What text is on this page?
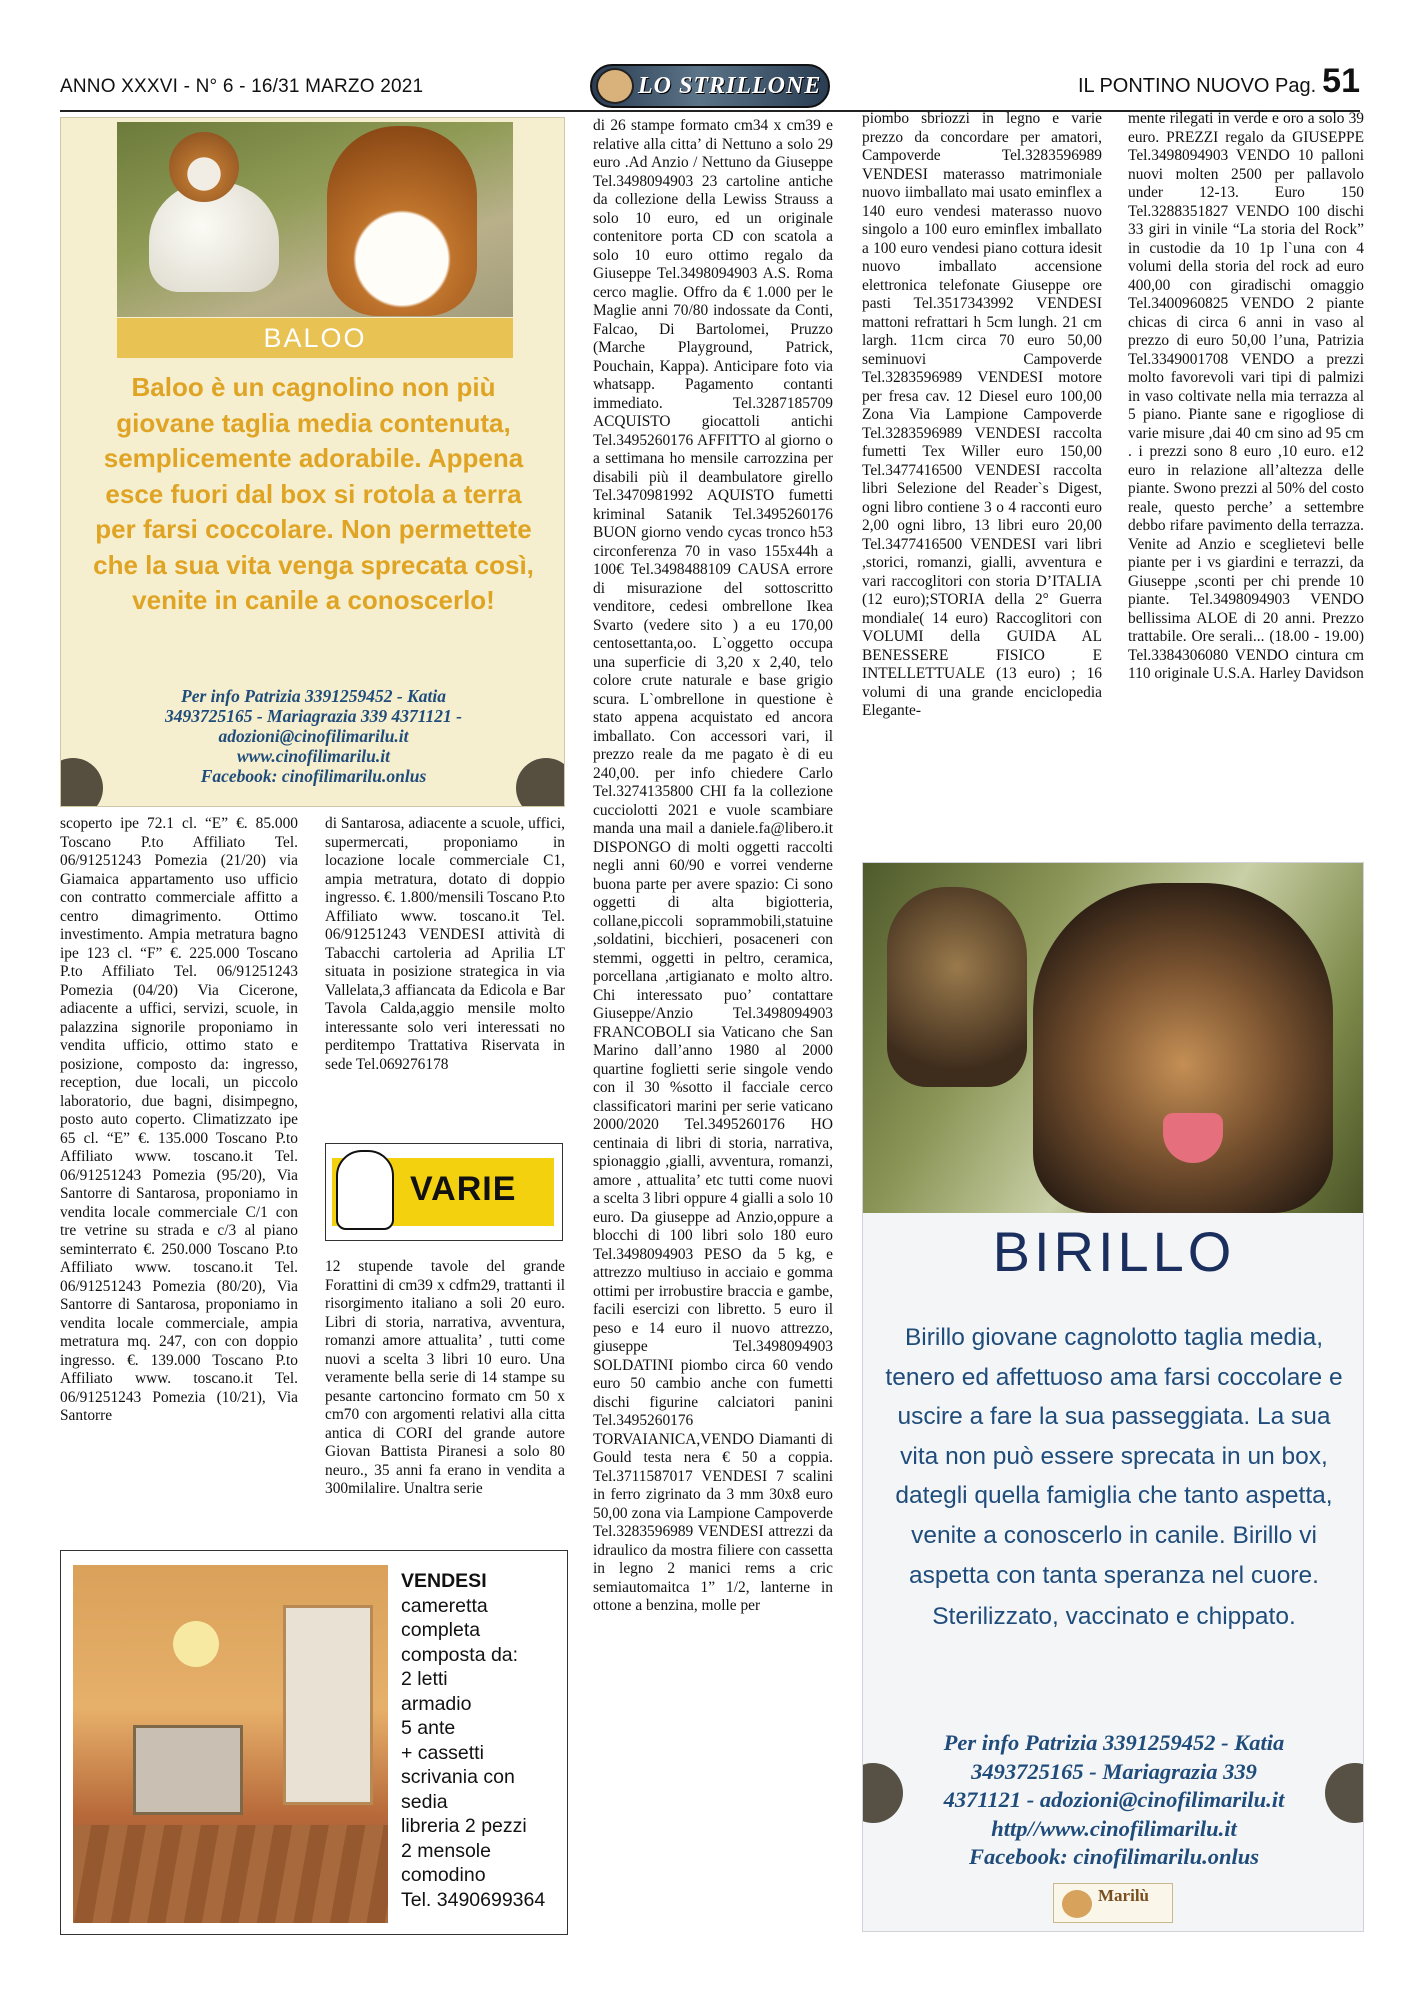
ANNO XXXVI - N° 6 - 16/31 MARZO 2021	LO STRILLONE	IL PONTINO NUOVO Pag. 51
BALOO
Baloo è un cagnolino non più giovane taglia media contenuta, semplicemente adorabile. Appena esce fuori dal box si rotola a terra per farsi coccolare. Non permettete che la sua vita venga sprecata così, venite in canile a conoscerlo!
Per info Patrizia 3391259452 - Katia
3493725165 - Mariagrazia 339 4371121 -
adozioni@cinofilimarilu.it
www.cinofilimarilu.it
Facebook: cinofilimarilu.onlus

scoperto ipe 72.1 cl. “E” €. 85.000 Toscano P.to Affiliato Tel. 06/91251243 Pomezia (21/20) via Giamaica appartamento uso ufficio con contratto commerciale affitto a centro dimagrimento. Ottimo investimento. Ampia metratura bagno ipe 123 cl. “F” €. 225.000 Toscano P.to Affiliato Tel. 06/91251243 Pomezia (04/20) Via Cicerone, adiacente a uffici, servizi, scuole, in palazzina signorile proponiamo in vendita ufficio, ottimo stato e posizione, composto da: ingresso, reception, due locali, un piccolo laboratorio, due bagni, disimpegno, posto auto coperto. Climatizzato ipe 65 cl. “E” €. 135.000 Toscano P.to Affiliato www. toscano.it Tel. 06/91251243 Pomezia (95/20), Via Santorre di Santarosa, proponiamo in vendita locale commerciale C/1 con tre vetrine su strada e c/3 al piano seminterrato €. 250.000 Toscano P.to Affiliato www. toscano.it Tel. 06/91251243 Pomezia (80/20), Via Santorre di Santarosa, proponiamo in vendita locale commerciale, ampia metratura mq. 247, con con doppio ingresso. €. 139.000 Toscano P.to Affiliato www. toscano.it Tel. 06/91251243 Pomezia (10/21), Via Santorre

di Santarosa, adiacente a scuole, uffici, supermercati, proponiamo in locazione locale commerciale C1, ampia metratura, dotato di doppio ingresso. €. 1.800/mensili Toscano P.to Affiliato www. toscano.it Tel. 06/91251243 VENDESI attività di Tabacchi cartoleria ad Aprilia LT situata in posizione strategica in via Vallelata,3 affiancata da Edicola e Bar Tavola Calda,aggio mensile molto interessante solo veri interessati no perditempo Trattativa Riservata in sede Tel.069276178

VARIE

12 stupende tavole del grande Forattini di cm39 x cdfm29, trattanti il risorgimento italiano a soli 20 euro. Libri di storia, narrativa, avventura, romanzi amore attualita’ , tutti come nuovi a scelta 3 libri 10 euro. Una veramente bella serie di 14 stampe su pesante cartoncino formato cm 50 x cm70 con argomenti relativi alla citta antica di CORI del grande autore Giovan Battista Piranesi a solo 80 neuro., 35 anni fa erano in vendita a 300milalire. Unaltra serie

VENDESI
cameretta
completa
composta da:
2 letti
armadio
5 ante
+ cassetti
scrivania con
sedia
libreria 2 pezzi
2 mensole
comodino
Tel. 3490699364

di 26 stampe formato cm34 x cm39 e relative alla citta’ di Nettuno a solo 29 euro .Ad Anzio / Nettuno da Giuseppe Tel.3498094903 23 cartoline antiche da collezione della Lewiss Strauss a solo 10 euro, ed un originale contenitore porta CD con scatola a solo 10 euro ottimo regalo da Giuseppe Tel.3498094903 A.S. Roma cerco maglie. Offro da € 1.000 per le Maglie anni 70/80 indossate da Conti, Falcao, Di Bartolomei, Pruzzo (Marche Playground, Patrick, Pouchain, Kappa). Anticipare foto via whatsapp. Pagamento contanti immediato. Tel.3287185709 ACQUISTO giocattoli antichi Tel.3495260176 AFFITTO al giorno o a settimana ho mensile carrozzina per disabili più il deambulatore girello Tel.3470981992 AQUISTO fumetti kriminal Satanik Tel.3495260176 BUON giorno vendo cycas tronco h53 circonferenza 70 in vaso 155x44h a 100€ Tel.3498488109 CAUSA errore di misurazione del sottoscritto venditore, cedesi ombrellone Ikea Svarto (vedere sito ) a eu 170,00 centosettanta,oo. L`oggetto occupa una superficie di 3,20 x 2,40, telo colore crute naturale e base grigio scura. L`ombrellone in questione è stato appena acquistato ed ancora imballato. Con accessori vari, il prezzo reale da me pagato è di eu 240,00. per info chiedere Carlo Tel.3274135800 CHI fa la collezione cucciolotti 2021 e vuole scambiare manda una mail a daniele.fa@libero.it DISPONGO di molti oggetti raccolti negli anni 60/90 e vorrei venderne buona parte per avere spazio: Ci sono oggetti di alta bigiotteria, collane,piccoli soprammobili,statuine ,soldatini, bicchieri, posaceneri con stemmi, oggetti in peltro, ceramica, porcellana ,artigianato e molto altro. Chi interessato puo’ contattare Giuseppe/Anzio Tel.3498094903 FRANCOBOLI sia Vaticano che San Marino dall’anno 1980 al 2000 quartine foglietti serie singole vendo con il 30 %sotto il facciale cerco classificatori marini per serie vaticano 2000/2020 Tel.3495260176 HO centinaia di libri di storia, narrativa, spionaggio ,gialli, avventura, romanzi, amore , attualita’ etc tutti come nuovi a scelta 3 libri oppure 4 gialli a solo 10 euro. Da giuseppe ad Anzio,oppure a blocchi di 100 libri solo 180 euro Tel.3498094903 PESO da 5 kg, e attrezzo multiuso in acciaio e gomma ottimi per irrobustire braccia e gambe, facili esercizi con libretto. 5 euro il peso e 14 euro il nuovo attrezzo, giuseppe Tel.3498094903 SOLDATINI piombo circa 60 vendo euro 50 cambio anche con fumetti dischi figurine calciatori panini Tel.3495260176 TORVAIANICA,VENDO Diamanti di Gould testa nera € 50 a coppia. Tel.3711587017 VENDESI 7 scalini in ferro zigrinato da 3 mm 30x8 euro 50,00 zona via Lampione Campoverde Tel.3283596989 VENDESI attrezzi da idraulico da mostra filiere con cassetta in legno 2 manici rems a cric semiautomaitca 1” 1/2, lanterne in ottone a benzina, molle per

piombo sbriozzi in legno e varie prezzo da concordare per amatori, Campoverde Tel.3283596989 VENDESI materasso matrimoniale nuovo iimballato mai usato eminflex a 140 euro vendesi materasso nuovo singolo a 100 euro eminflex imballato a 100 euro vendesi piano cottura idesit nuovo imballato accensione elettronica telefonate Giuseppe ore pasti Tel.3517343992 VENDESI mattoni refrattari h 5cm lungh. 21 cm largh. 11cm circa 70 euro 50,00 seminuovi Campoverde Tel.3283596989 VENDESI motore per fresa cav. 12 Diesel euro 100,00 Zona Via Lampione Campoverde Tel.3283596989 VENDESI raccolta fumetti Tex Willer euro 150,00 Tel.3477416500 VENDESI raccolta libri Selezione del Reader`s Digest, ogni libro contiene 3 o 4 racconti euro 2,00 ogni libro, 13 libri euro 20,00 Tel.3477416500 VENDESI vari libri ,storici, romanzi, gialli, avventura e vari raccoglitori con storia D’ITALIA (12 euro);STORIA della 2° Guerra mondiale( 14 euro) Raccoglitori con VOLUMI della GUIDA AL BENESSERE FISICO E INTELLETTUALE (13 euro) ; 16 volumi di una grande enciclopedia Elegante-

mente rilegati in verde e oro a solo 39 euro. PREZZI regalo da GIUSEPPE Tel.3498094903 VENDO 10 palloni nuovi molten 2500 per pallavolo under 12-13. Euro 150 Tel.3288351827 VENDO 100 dischi 33 giri in vinile “La storia del Rock” in custodie da 10 1p l`una con 4 volumi della storia del rock ad euro 400,00 con giradischi omaggio Tel.3400960825 VENDO 2 piante chicas di circa 6 anni in vaso al prezzo di euro 50,00 l’una, Patrizia Tel.3349001708 VENDO a prezzi molto favorevoli vari tipi di palmizi in vaso coltivate nella mia terrazza al 5 piano. Piante sane e rigogliose di varie misure ,dai 40 cm sino ad 95 cm . i prezzi sono 8 euro ,10 euro. e12 euro in relazione all’altezza delle piante. Swono prezzi al 50% del costo reale, questo perche’ a settembre debbo rifare pavimento della terrazza. Venite ad Anzio e sceglietevi belle piante per i vs giardini e terrazzi, da Giuseppe ,sconti per chi prende 10 piante. Tel.3498094903 VENDO bellissima ALOE di 20 anni. Prezzo trattabile. Ore serali... (18.00 - 19.00) Tel.3384306080 VENDO cintura cm 110 originale U.S.A. Harley Davidson

BIRILLO
Birillo giovane cagnolotto taglia media, tenero ed affettuoso ama farsi coccolare e uscire a fare la sua passeggiata. La sua vita non può essere sprecata in un box, dategli quella famiglia che tanto aspetta, venite a conoscerlo in canile. Birillo vi aspetta con tanta speranza nel cuore.
Sterilizzato, vaccinato e chippato.
Per info Patrizia 3391259452 - Katia
3493725165 - Mariagrazia 339
4371121 - adozioni@cinofilimarilu.it
http//www.cinofilimarilu.it
Facebook: cinofilimarilu.onlus
Marilù
